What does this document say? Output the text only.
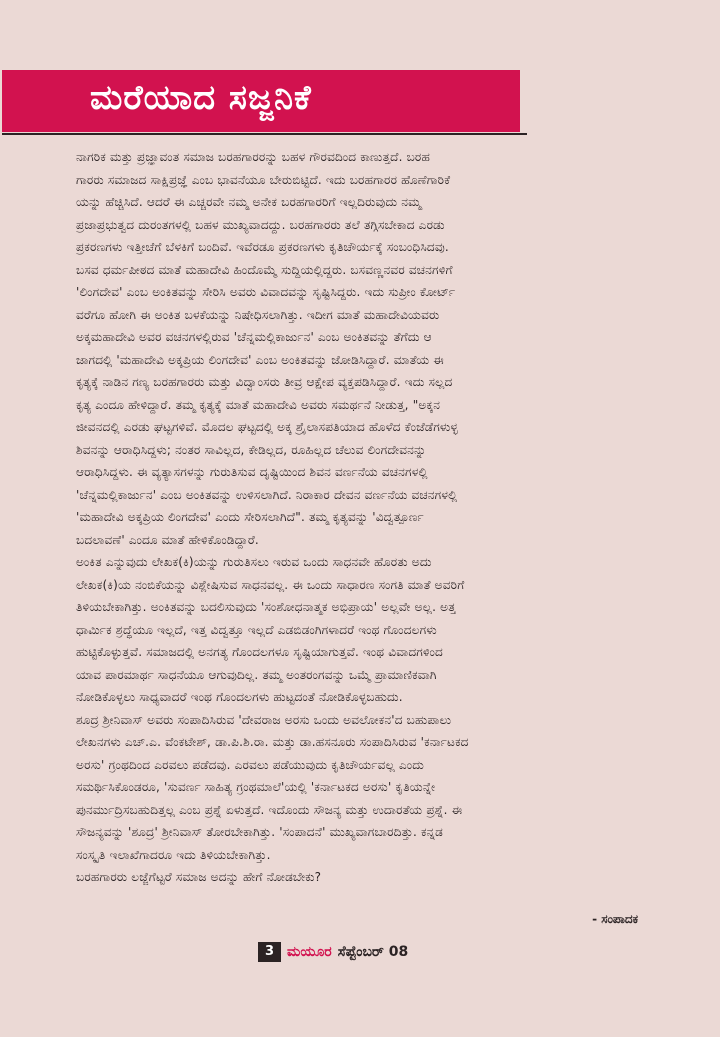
ಮರೆಯಾದ ಸಜ್ಜನಿಕೆ
ನಾಗರಿಕ ಮತ್ತು ಪ್ರಜ್ಞಾವಂತ ಸಮಾಜ ಬರಹಗಾರರನ್ನು ಬಹಳ ಗೌರವದಿಂದ ಕಾಣುತ್ತದೆ. ಬರಹ
ಗಾರರು ಸಮಾಜದ ಸಾಕ್ಷಿಪ್ರಜ್ಞೆ ಎಂಬ ಭಾವನೆಯೂ ಬೇರುಬಿಟ್ಟಿದೆ. ಇದು ಬರಹಗಾರರ ಹೊಣೆಗಾರಿಕೆ
ಯನ್ನು ಹೆಚ್ಚಿಸಿದೆ. ಆದರೆ ಈ ಎಚ್ಚರವೇ ನಮ್ಮ ಅನೇಕ ಬರಹಗಾರರಿಗೆ ಇಲ್ಲದಿರುವುದು ನಮ್ಮ
ಪ್ರಜಾಪ್ರಭುತ್ವದ ದುರಂತಗಳಲ್ಲಿ ಬಹಳ ಮುಖ್ಯವಾದದ್ದು. ಬರಹಗಾರರು ತಲೆ ತಗ್ಗಿಸಬೇಕಾದ ಎರಡು
ಪ್ರಕರಣಗಳು ಇತ್ತೀಚೆಗೆ ಬೆಳಕಿಗೆ ಬಂದಿವೆ. ಇವೆರಡೂ ಪ್ರಕರಣಗಳು ಕೃತಿಚೌರ್ಯಕ್ಕೆ ಸಂಬಂಧಿಸಿದವು.
ಬಸವ ಧರ್ಮಪೀಠದ ಮಾತೆ ಮಹಾದೇವಿ ಹಿಂದೊಮ್ಮೆ ಸುದ್ದಿಯಲ್ಲಿದ್ದರು. ಬಸವಣ್ಣನವರ ವಚನಗಳಿಗೆ
'ಲಿಂಗದೇವ' ಎಂಬ ಅಂಕಿತವನ್ನು ಸೇರಿಸಿ ಅವರು ವಿವಾದವನ್ನು ಸೃಷ್ಟಿಸಿದ್ದರು. ಇದು ಸುಪ್ರೀಂ ಕೋರ್ಟ್
ವರೆಗೂ ಹೋಗಿ ಈ ಅಂಕಿತ ಬಳಕೆಯನ್ನು ನಿಷೇಧಿಸಲಾಗಿತ್ತು. ಇದೀಗ ಮಾತೆ ಮಹಾದೇವಿಯವರು
ಅಕ್ಕಮಹಾದೇವಿ ಅವರ ವಚನಗಳಲ್ಲಿರುವ 'ಚೆನ್ನಮಲ್ಲಿಕಾರ್ಜುನ' ಎಂಬ ಅಂಕಿತವನ್ನು ತೆಗೆದು ಆ
ಜಾಗದಲ್ಲಿ 'ಮಹಾದೇವಿ ಅಕ್ಕಪ್ರಿಯ ಲಿಂಗದೇವ' ಎಂಬ ಅಂಕಿತವನ್ನು ಜೋಡಿಸಿದ್ದಾರೆ. ಮಾತೆಯ ಈ
ಕೃತ್ಯಕ್ಕೆ ನಾಡಿನ ಗಣ್ಯ ಬರಹಗಾರರು ಮತ್ತು ವಿದ್ವಾಂಸರು ತೀವ್ರ ಆಕ್ಷೇಪ ವ್ಯಕ್ತಪಡಿಸಿದ್ದಾರೆ. ಇದು ಸಲ್ಲದ
ಕೃತ್ಯ ಎಂದೂ ಹೇಳಿದ್ದಾರೆ. ತಮ್ಮ ಕೃತ್ಯಕ್ಕೆ ಮಾತೆ ಮಹಾದೇವಿ ಅವರು ಸಮರ್ಥನೆ ನೀಡುತ್ತ, "ಅಕ್ಕನ
ಜೀವನದಲ್ಲಿ ಎರಡು ಘಟ್ಟಗಳಿವೆ. ಮೊದಲ ಘಟ್ಟದಲ್ಲಿ ಅಕ್ಕ ಶ್ರೈಲಾಸಪತಿಯಾದ ಹೊಳೆದ ಕೆಂಜೆಡೆಗಳುಳ್ಳ
ಶಿವನನ್ನು ಆರಾಧಿಸಿದ್ದಳು; ನಂತರ ಸಾವಿಲ್ಲದ, ಕೇಡಿಲ್ಲದ, ರೂಹಿಲ್ಲದ ಚೆಲುವ ಲಿಂಗದೇವನನ್ನು
ಆರಾಧಿಸಿದ್ದಳು. ಈ ವ್ಯತ್ಯಾಸಗಳನ್ನು ಗುರುತಿಸುವ ದೃಷ್ಟಿಯಿಂದ ಶಿವನ ವರ್ಣನೆಯ ವಚನಗಳಲ್ಲಿ
'ಚೆನ್ನಮಲ್ಲಿಕಾರ್ಜುನ' ಎಂಬ ಅಂಕಿತವನ್ನು ಉಳಿಸಲಾಗಿದೆ. ನಿರಾಕಾರ ದೇವನ ವರ್ಣನೆಯ ವಚನಗಳಲ್ಲಿ
'ಮಹಾದೇವಿ ಅಕ್ಕಪ್ರಿಯ ಲಿಂಗದೇವ' ಎಂದು ಸೇರಿಸಲಾಗಿದೆ". ತಮ್ಮ ಕೃತ್ಯವನ್ನು 'ವಿದ್ವತ್ಪೂರ್ಣ
ಬದಲಾವಣೆ' ಎಂದೂ ಮಾತೆ ಹೇಳಿಕೊಂಡಿದ್ದಾರೆ.
ಅಂಕಿತ ಎನ್ನುವುದು ಲೇಖಕ(ಕಿ)ಯನ್ನು ಗುರುತಿಸಲು ಇರುವ ಒಂದು ಸಾಧನವೇ ಹೊರತು ಅದು
ಲೇಖಕ(ಕಿ)ಯ ನಂಬಿಕೆಯನ್ನು ವಿಶ್ಲೇಷಿಸುವ ಸಾಧನವಲ್ಲ. ಈ ಒಂದು ಸಾಧಾರಣ ಸಂಗತಿ ಮಾತೆ ಅವರಿಗೆ
ತಿಳಿಯಬೇಕಾಗಿತ್ತು. ಅಂಕಿತವನ್ನು ಬದಲಿಸುವುದು 'ಸಂಶೋಧನಾತ್ಮಕ ಅಭಿಪ್ರಾಯ' ಅಲ್ಲವೇ ಅಲ್ಲ. ಅತ್ತ
ಧಾರ್ಮಿಕ ಶ್ರದ್ಧೆಯೂ ಇಲ್ಲದೆ, ಇತ್ತ ವಿದ್ವತ್ತೂ ಇಲ್ಲದೆ ಎಡಬಿಡಂಗಿಗಳಾದರೆ ಇಂಥ ಗೊಂದಲಗಳು
ಹುಟ್ಟಿಕೊಳ್ಳುತ್ತವೆ. ಸಮಾಜದಲ್ಲಿ ಅನಗತ್ಯ ಗೊಂದಲಗಳೂ ಸೃಷ್ಟಿಯಾಗುತ್ತವೆ. ಇಂಥ ವಿವಾದಗಳಿಂದ
ಯಾವ ಪಾರಮಾರ್ಥ ಸಾಧನೆಯೂ ಆಗುವುದಿಲ್ಲ. ತಮ್ಮ ಅಂತರಂಗವನ್ನು ಒಮ್ಮೆ ಪ್ರಾಮಾಣಿಕವಾಗಿ
ನೋಡಿಕೊಳ್ಳಲು ಸಾಧ್ಯವಾದರೆ ಇಂಥ ಗೊಂದಲಗಳು ಹುಟ್ಟದಂತೆ ನೋಡಿಕೊಳ್ಳಬಹುದು.
ಶೂದ್ರ ಶ್ರೀನಿವಾಸ್ ಅವರು ಸಂಪಾದಿಸಿರುವ 'ದೇವರಾಜ ಅರಸು ಒಂದು ಅವಲೋಕನ'ದ ಬಹುಪಾಲು
ಲೇಖನಗಳು ಎಚ್.ಎ. ವೆಂಕಟೇಶ್, ಡಾ.ಪಿ.ಶಿ.ರಾ. ಮತ್ತು ಡಾ.ಹಸನೂರು ಸಂಪಾದಿಸಿರುವ 'ಕರ್ನಾಟಕದ
ಅರಸು' ಗ್ರಂಥದಿಂದ ಎರವಲು ಪಡೆದವು. ಎರವಲು ಪಡೆಯುವುದು ಕೃತಿಚೌರ್ಯವಲ್ಲ ಎಂದು
ಸಮರ್ಥಿಸಿಕೊಂಡರೂ, 'ಸುವರ್ಣ ಸಾಹಿತ್ಯ ಗ್ರಂಥಮಾಲೆ'ಯಲ್ಲಿ 'ಕರ್ನಾಟಕದ ಅರಸು' ಕೃತಿಯನ್ನೇ
ಪುನರ್ಮುದ್ರಿಸಬಹುದಿತ್ತಲ್ಲ ಎಂಬ ಪ್ರಶ್ನೆ ಏಳುತ್ತದೆ. ಇದೊಂದು ಸೌಜನ್ಯ ಮತ್ತು ಉದಾರತೆಯ ಪ್ರಶ್ನೆ. ಈ
ಸೌಜನ್ಯವನ್ನು 'ಶೂದ್ರ' ಶ್ರೀನಿವಾಸ್ ತೋರಬೇಕಾಗಿತ್ತು. 'ಸಂಪಾದನೆ' ಮುಖ್ಯವಾಗಬಾರದಿತ್ತು. ಕನ್ನಡ
ಸಂಸ್ಕೃತಿ ಇಲಾಖೆಗಾದರೂ ಇದು ತಿಳಿಯಬೇಕಾಗಿತ್ತು.
ಬರಹಗಾರರು ಲಜ್ಜೆಗೆಟ್ಟರೆ ಸಮಾಜ ಅದನ್ನು ಹೇಗೆ ನೋಡಬೇಕು?
- ಸಂಪಾದಕ
3 ಮಯೂರ ಸೆಪ್ಟೆಂಬರ್ 08
